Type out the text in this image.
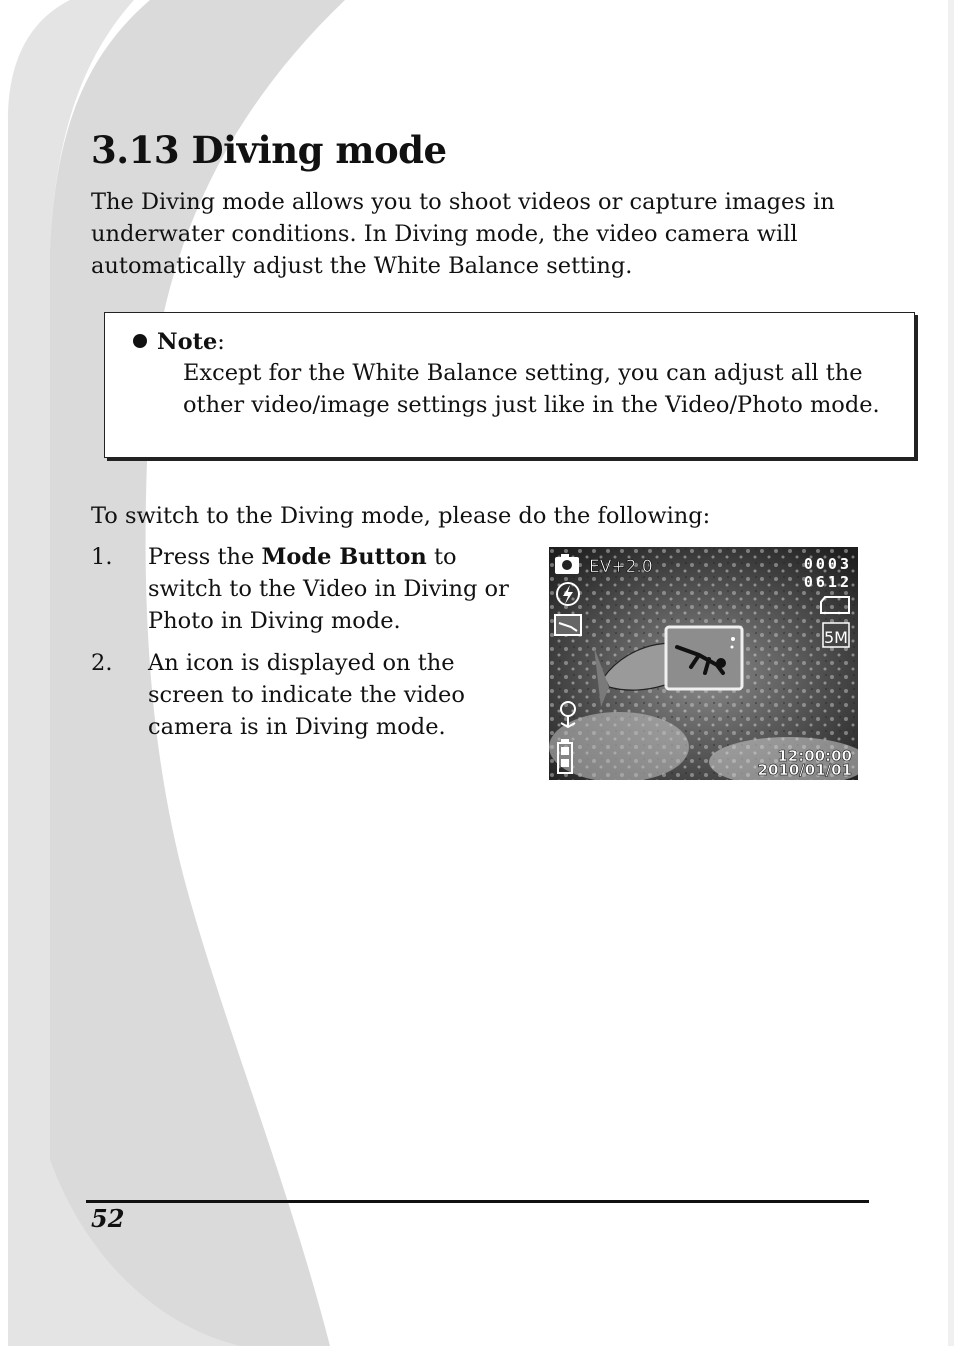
3.13 Diving mode

The Diving mode allows you to shoot videos or capture images in underwater conditions. In Diving mode, the video camera will automatically adjust the White Balance setting.

Note:

Except for the White Balance setting, you can adjust all the other video/image settings just like in the Video/Photo mode.

To switch to the Diving mode, please do the following:

1. Press the Mode Button to switch to the Video in Diving or Photo in Diving mode.
2. An icon is displayed on the screen to indicate the video camera is in Diving mode.
EV+2.0	0003
0612
5M
12:00:00
2010/01/01
52
